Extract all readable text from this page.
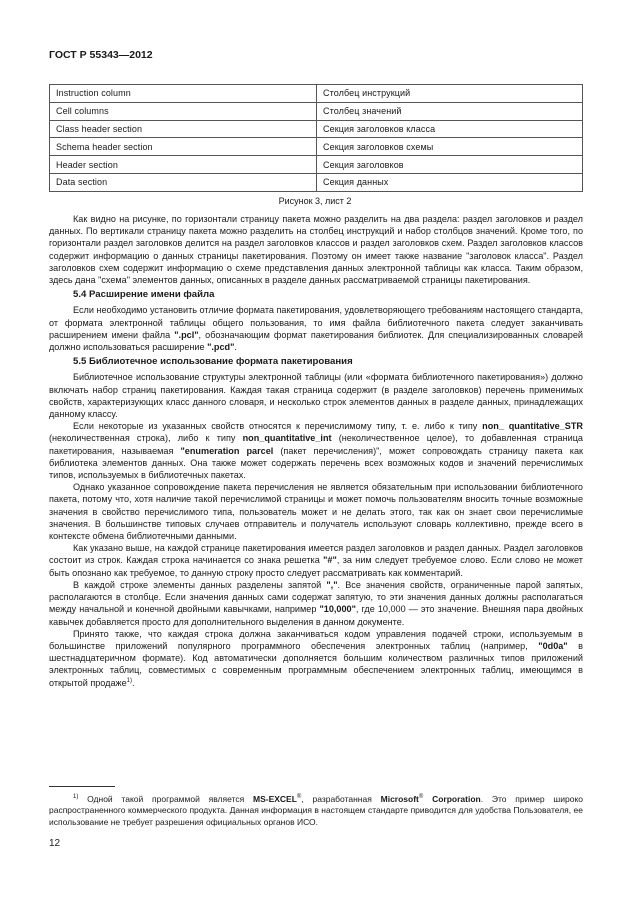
ГОСТ Р 55343—2012
Instruction column	Столбец инструкций
Cell columns	Столбец значений
Class header section	Секция заголовков класса
Schema header section	Секция заголовков схемы
Header section	Секция заголовков
Data section	Секция данных
Рисунок 3, лист 2

Как видно на рисунке, по горизонтали страницу пакета можно разделить на два раздела: раздел заголовков и раздел данных. По вертикали страницу пакета можно разделить на столбец инструкций и набор столбцов значений. Кроме того, по горизонтали раздел заголовков делится на раздел заголовков классов и раздел заголовков схем. Раздел заголовков классов содержит информацию о данных страницы пакетирования. Поэтому он имеет также название "заголовок класса". Раздел заголовков схем содержит информацию о схеме представления данных электронной таблицы как класса. Таким образом, здесь дана "схема" элементов данных, описанных в разделе данных рассматриваемой страницы пакетирования.

5.4 Расширение имени файла

Если необходимо установить отличие формата пакетирования, удовлетворяющего требованиям настоящего стандарта, от формата электронной таблицы общего пользования, то имя файла библиотечного пакета следует заканчивать расширением имени файла ".pcl", обозначающим формат пакетирования библиотек. Для специализированных словарей должно использоваться расширение ".pcd".

5.5 Библиотечное использование формата пакетирования

Библиотечное использование структуры электронной таблицы (или «формата библиотечного пакетирования») должно включать набор страниц пакетирования. Каждая такая страница содержит (в разделе заголовков) перечень применимых свойств, характеризующих класс данного словаря, и несколько строк элементов данных в разделе данных, принадлежащих данному классу.

Если некоторые из указанных свойств относятся к перечислимому типу, т. е. либо к типу non_ quantitative_STR (неколичественная строка), либо к типу non_quantitative_int (неколичественное целое), то добавленная страница пакетирования, называемая "enumeration parcel (пакет перечисления)", может сопровождать страницу пакета как библиотека элементов данных. Она также может содержать перечень всех возможных кодов и значений перечислимых типов, используемых в библиотечных пакетах.

Однако указанное сопровождение пакета перечисления не является обязательным при использовании библиотечного пакета, потому что, хотя наличие такой перечислимой страницы и может помочь пользователям вносить точные возможные значения в свойство перечислимого типа, пользователь может и не делать этого, так как он знает свои перечислимые значения. В большинстве типовых случаев отправитель и получатель используют словарь коллективно, прежде всего в контексте обмена библиотечными данными.

Как указано выше, на каждой странице пакетирования имеется раздел заголовков и раздел данных. Раздел заголовков состоит из строк. Каждая строка начинается со знака решетка "#", за ним следует требуемое слово. Если слово не может быть опознано как требуемое, то данную строку просто следует рассматривать как комментарий.

В каждой строке элементы данных разделены запятой ",". Все значения свойств, ограниченные парой запятых, располагаются в столбце. Если значения данных сами содержат запятую, то эти значения данных должны располагаться между начальной и конечной двойными кавычками, например "10,000", где 10,000 — это значение. Внешняя пара двойных кавычек добавляется просто для дополнительного выделения в данном документе.

Принято также, что каждая строка должна заканчиваться кодом управления подачей строки, используемым в большинстве приложений популярного программного обеспечения электронных таблиц (например, "0d0a" в шестнадцатеричном формате). Код автоматически дополняется большим количеством различных типов приложений электронных таблиц, совместимых с современным программным обеспечением электронных таблиц, имеющимся в открытой продаже$^{1)}$.

$^{1)}$ Одной такой программой является MS-EXCEL®, разработанная Microsoft® Corporation. Это пример широко распространенного коммерческого продукта. Данная информация в настоящем стандарте приводится для удобства Пользователя, ее использование не требует разрешения официальных органов ИСО.
12
